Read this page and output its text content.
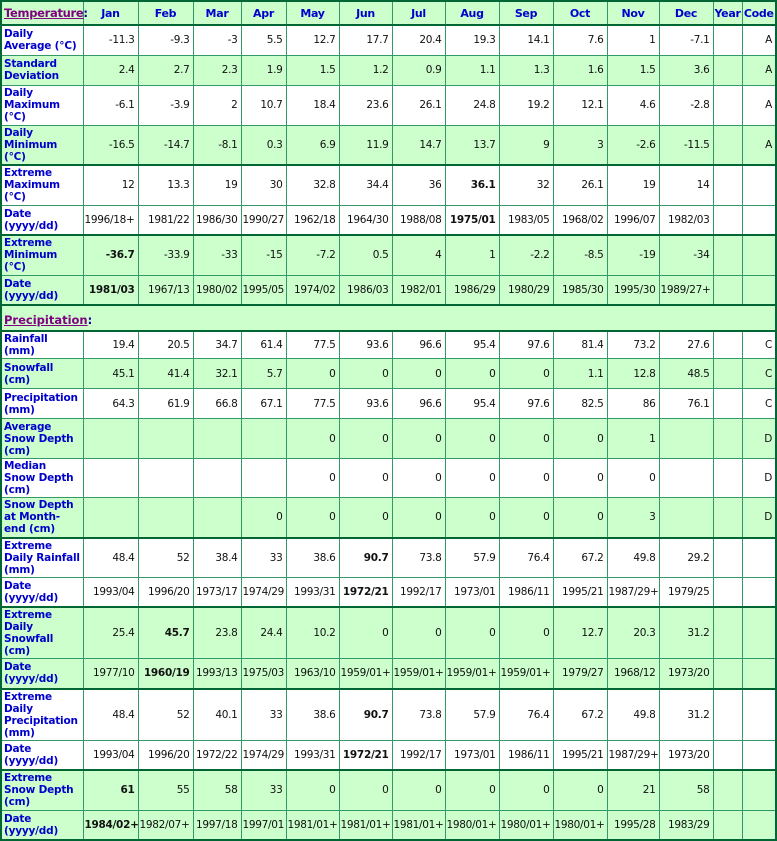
Temperature:	Jan	Feb	Mar	Apr	May	Jun	Jul	Aug	Sep	Oct	Nov	Dec	Year	Code
Daily Average (°C)	-11.3	-9.3	-3	5.5	12.7	17.7	20.4	19.3	14.1	7.6	1	-7.1		A
Standard Deviation	2.4	2.7	2.3	1.9	1.5	1.2	0.9	1.1	1.3	1.6	1.5	3.6		A
Daily Maximum (°C)	-6.1	-3.9	2	10.7	18.4	23.6	26.1	24.8	19.2	12.1	4.6	-2.8		A
Daily Minimum (°C)	-16.5	-14.7	-8.1	0.3	6.9	11.9	14.7	13.7	9	3	-2.6	-11.5		A
Extreme Maximum (°C)	12	13.3	19	30	32.8	34.4	36	36.1	32	26.1	19	14		
Date (yyyy/dd)	1996/18+	1981/22	1986/30	1990/27	1962/18	1964/30	1988/08	1975/01	1983/05	1968/02	1996/07	1982/03		
Extreme Minimum (°C)	-36.7	-33.9	-33	-15	-7.2	0.5	4	1	-2.2	-8.5	-19	-34		
Date (yyyy/dd)	1981/03	1967/13	1980/02	1995/05	1974/02	1986/03	1982/01	1986/29	1980/29	1985/30	1995/30	1989/27+		
Precipitation:														
Rainfall (mm)	19.4	20.5	34.7	61.4	77.5	93.6	96.6	95.4	97.6	81.4	73.2	27.6		C
Snowfall (cm)	45.1	41.4	32.1	5.7	0	0	0	0	0	1.1	12.8	48.5		C
Precipitation (mm)	64.3	61.9	66.8	67.1	77.5	93.6	96.6	95.4	97.6	82.5	86	76.1		C
Average Snow Depth (cm)					0	0	0	0	0	0	1			D
Median Snow Depth (cm)					0	0	0	0	0	0	0			D
Snow Depth at Month-end (cm)				0	0	0	0	0	0	0	3			D
Extreme Daily Rainfall (mm)	48.4	52	38.4	33	38.6	90.7	73.8	57.9	76.4	67.2	49.8	29.2		
Date (yyyy/dd)	1993/04	1996/20	1973/17	1974/29	1993/31	1972/21	1992/17	1973/01	1986/11	1995/21	1987/29+	1979/25		
Extreme Daily Snowfall (cm)	25.4	45.7	23.8	24.4	10.2	0	0	0	0	12.7	20.3	31.2		
Date (yyyy/dd)	1977/10	1960/19	1993/13	1975/03	1963/10	1959/01+	1959/01+	1959/01+	1959/01+	1979/27	1968/12	1973/20		
Extreme Daily Precipitation (mm)	48.4	52	40.1	33	38.6	90.7	73.8	57.9	76.4	67.2	49.8	31.2		
Date (yyyy/dd)	1993/04	1996/20	1972/22	1974/29	1993/31	1972/21	1992/17	1973/01	1986/11	1995/21	1987/29+	1973/20		
Extreme Snow Depth (cm)	61	55	58	33	0	0	0	0	0	0	21	58		
Date (yyyy/dd)	1984/02+	1982/07+	1997/18	1997/01	1981/01+	1981/01+	1981/01+	1980/01+	1980/01+	1980/01+	1995/28	1983/29		
